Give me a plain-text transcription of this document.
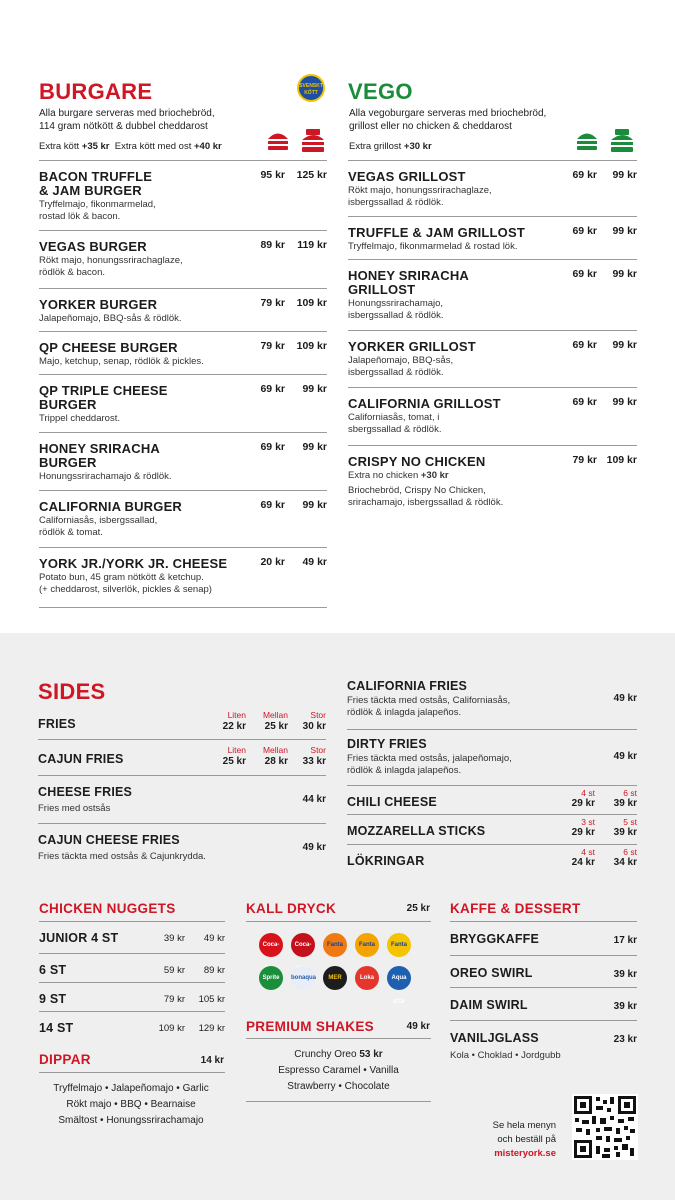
BURGARE	SVENSKT KÖTT
Alla burgare serveras med briochebröd,
114 gram nötkött & dubbel cheddarost
Extra kött +35 kr Extra kött med ost +40 kr
BACON TRUFFLE
& JAM BURGER
Tryffelmajo, fikonmarmelad,
rostad lök & bacon.
95 kr	125 kr
VEGAS BURGER
Rökt majo, honungssrirachaglaze,
rödlök & bacon.
89 kr	119 kr
YORKER BURGER
Jalapeñomajo, BBQ-sås & rödlök.
79 kr	109 kr
QP CHEESE BURGER
Majo, ketchup, senap, rödlök & pickles.
79 kr	109 kr
QP TRIPLE CHEESE
BURGER
Trippel cheddarost.
69 kr	99 kr
HONEY SRIRACHA
BURGER
Honungssrirachamajo & rödlök.
69 kr	99 kr
CALIFORNIA BURGER
Californiasås, isbergssallad,
rödlök & tomat.
69 kr	99 kr
YORK JR./YORK JR. CHEESE
Potato bun, 45 gram nötkött & ketchup.
(+ cheddarost, silverlök, pickles & senap)
20 kr	49 kr
VEGO
Alla vegoburgare serveras med briochebröd,
grillost eller no chicken & cheddarost
Extra grillost +30 kr
VEGAS GRILLOST
Rökt majo, honungssrirachaglaze,
isbergssallad & rödlök.
69 kr	99 kr
TRUFFLE & JAM GRILLOST
Tryffelmajo, fikonmarmelad & rostad lök.
69 kr	99 kr
HONEY SRIRACHA
GRILLOST
Honungssrirachamajo,
isbergssallad & rödlök.
69 kr	99 kr
YORKER GRILLOST
Jalapeñomajo, BBQ-sås,
isbergssallad & rödlök.
69 kr	99 kr
CALIFORNIA GRILLOST
Californiasås, tomat, i
sbergssallad & rödlök.
69 kr	99 kr
CRISPY NO CHICKEN
Extra no chicken +30 kr
Briochebröd, Crispy No Chicken,
srirachamajo, isbergssallad & rödlök.
79 kr 109 kr
SIDES
FRIES
Liten	Mellan	Stor
22 kr	25 kr	30 kr
CAJUN FRIES
Liten	Mellan	Stor
25 kr	28 kr	33 kr
CHEESE FRIES
Fries med ostsås
44 kr
CAJUN CHEESE FRIES
Fries täckta med ostsås & Cajunkrydda.
49 kr
CALIFORNIA FRIES
Fries täckta med ostsås, Californiasås,
rödlök & inlagda jalapeños.
49 kr
DIRTY FRIES
Fries täckta med ostsås, jalapeñomajo,
rödlök & inlagda jalapeños.
49 kr
CHILI CHEESE
4 st	6 st
29 kr	39 kr
MOZZARELLA STICKS
3 st	5 st
29 kr	39 kr
LÖKRINGAR
4 st	6 st
24 kr	34 kr
CHICKEN NUGGETS
JUNIOR 4 ST	39 kr	49 kr
6 ST	59 kr	89 kr
9 ST	79 kr	105 kr
14 ST	109 kr	129 kr
DIPPAR	14 kr
Tryffelmajo • Jalapeñomajo • Garlic
Rökt majo • BBQ • Bearnaise
Smältost • Honungssrirachamajo
KALL DRYCK	25 kr
Coca-	Coca-	Fanta	Fanta	Fanta
Sprite	bonaqua	MER	Loka	Aqua d'Or
PREMIUM SHAKES	49 kr
Crunchy Oreo 53 kr
Espresso Caramel • Vanilla
Strawberry • Chocolate
KAFFE & DESSERT
BRYGGKAFFE	17 kr
OREO SWIRL	39 kr
DAIM SWIRL	39 kr
VANILJGLASS	23 kr
Kola • Choklad • Jordgubb
Se hela menyn
och beställ på
misteryork.se
